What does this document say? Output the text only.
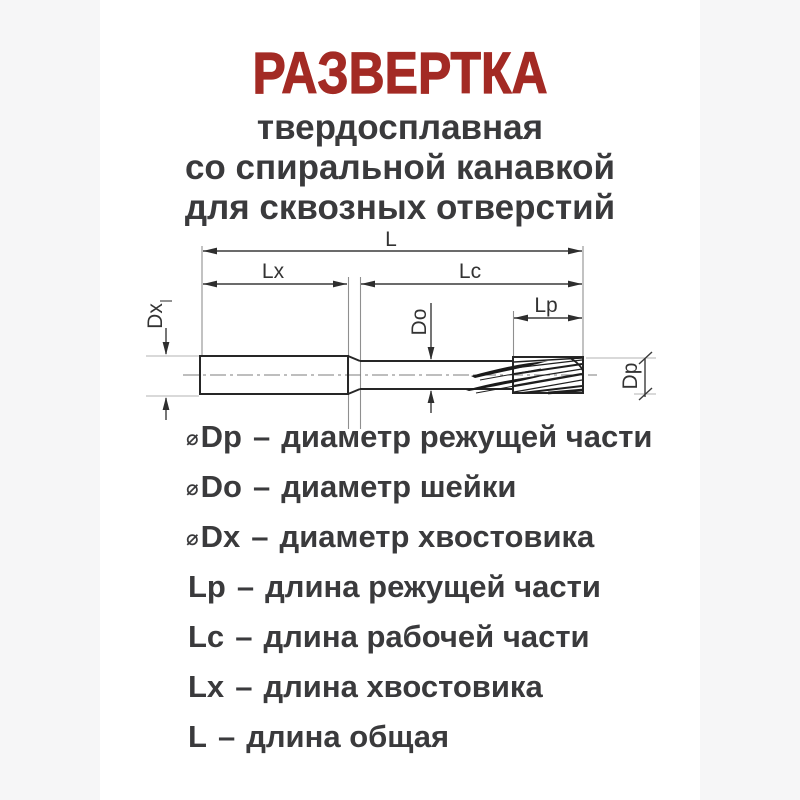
РАЗВЕРТКА
твердосплавная
со спиральной канавкой
для сквозных отверстий
L
Lx	Lc
Lp
Do
Dx
Dp
⌀ Dp – диаметр режущей части
⌀ Do – диаметр шейки
⌀ Dx – диаметр хвостовика
Lp – длина режущей части
Lc – длина рабочей части
Lx – длина хвостовика
L – длина общая
